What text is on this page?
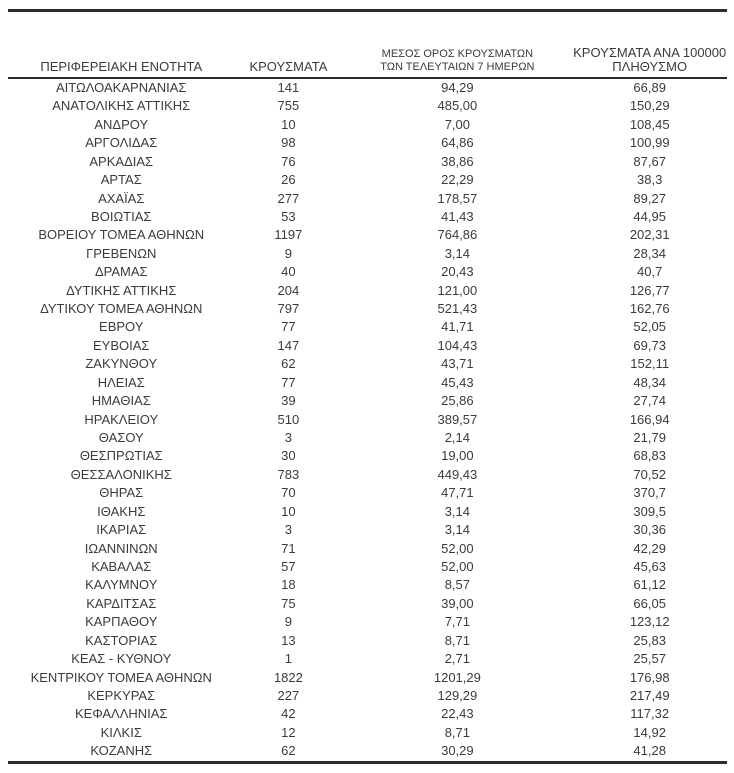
ΠΕΡΙΦΕΡΕΙΑΚΗ ΕΝΟΤΗΤΑ	ΚΡΟΥΣΜΑΤΑ	ΜΕΣΟΣ ΟΡΟΣ ΚΡΟΥΣΜΑΤΩΝ
ΤΩΝ ΤΕΛΕΥΤΑΙΩΝ 7 ΗΜΕΡΩΝ	ΚΡΟΥΣΜΑΤΑ ΑΝΑ 100000
ΠΛΗΘΥΣΜΟ
ΑΙΤΩΛΟΑΚΑΡΝΑΝΙΑΣ	141	94,29	66,89
ΑΝΑΤΟΛΙΚΗΣ ΑΤΤΙΚΗΣ	755	485,00	150,29
ΑΝΔΡΟΥ	10	7,00	108,45
ΑΡΓΟΛΙΔΑΣ	98	64,86	100,99
ΑΡΚΑΔΙΑΣ	76	38,86	87,67
ΑΡΤΑΣ	26	22,29	38,3
ΑΧΑΪΑΣ	277	178,57	89,27
ΒΟΙΩΤΙΑΣ	53	41,43	44,95
ΒΟΡΕΙΟΥ ΤΟΜΕΑ ΑΘΗΝΩΝ	1197	764,86	202,31
ΓΡΕΒΕΝΩΝ	9	3,14	28,34
ΔΡΑΜΑΣ	40	20,43	40,7
ΔΥΤΙΚΗΣ ΑΤΤΙΚΗΣ	204	121,00	126,77
ΔΥΤΙΚΟΥ ΤΟΜΕΑ ΑΘΗΝΩΝ	797	521,43	162,76
ΕΒΡΟΥ	77	41,71	52,05
ΕΥΒΟΙΑΣ	147	104,43	69,73
ΖΑΚΥΝΘΟΥ	62	43,71	152,11
ΗΛΕΙΑΣ	77	45,43	48,34
ΗΜΑΘΙΑΣ	39	25,86	27,74
ΗΡΑΚΛΕΙΟΥ	510	389,57	166,94
ΘΑΣΟΥ	3	2,14	21,79
ΘΕΣΠΡΩΤΙΑΣ	30	19,00	68,83
ΘΕΣΣΑΛΟΝΙΚΗΣ	783	449,43	70,52
ΘΗΡΑΣ	70	47,71	370,7
ΙΘΑΚΗΣ	10	3,14	309,5
ΙΚΑΡΙΑΣ	3	3,14	30,36
ΙΩΑΝΝΙΝΩΝ	71	52,00	42,29
ΚΑΒΑΛΑΣ	57	52,00	45,63
ΚΑΛΥΜΝΟΥ	18	8,57	61,12
ΚΑΡΔΙΤΣΑΣ	75	39,00	66,05
ΚΑΡΠΑΘΟΥ	9	7,71	123,12
ΚΑΣΤΟΡΙΑΣ	13	8,71	25,83
ΚΕΑΣ - ΚΥΘΝΟΥ	1	2,71	25,57
ΚΕΝΤΡΙΚΟΥ ΤΟΜΕΑ ΑΘΗΝΩΝ	1822	1201,29	176,98
ΚΕΡΚΥΡΑΣ	227	129,29	217,49
ΚΕΦΑΛΛΗΝΙΑΣ	42	22,43	117,32
ΚΙΛΚΙΣ	12	8,71	14,92
ΚΟΖΑΝΗΣ	62	30,29	41,28
